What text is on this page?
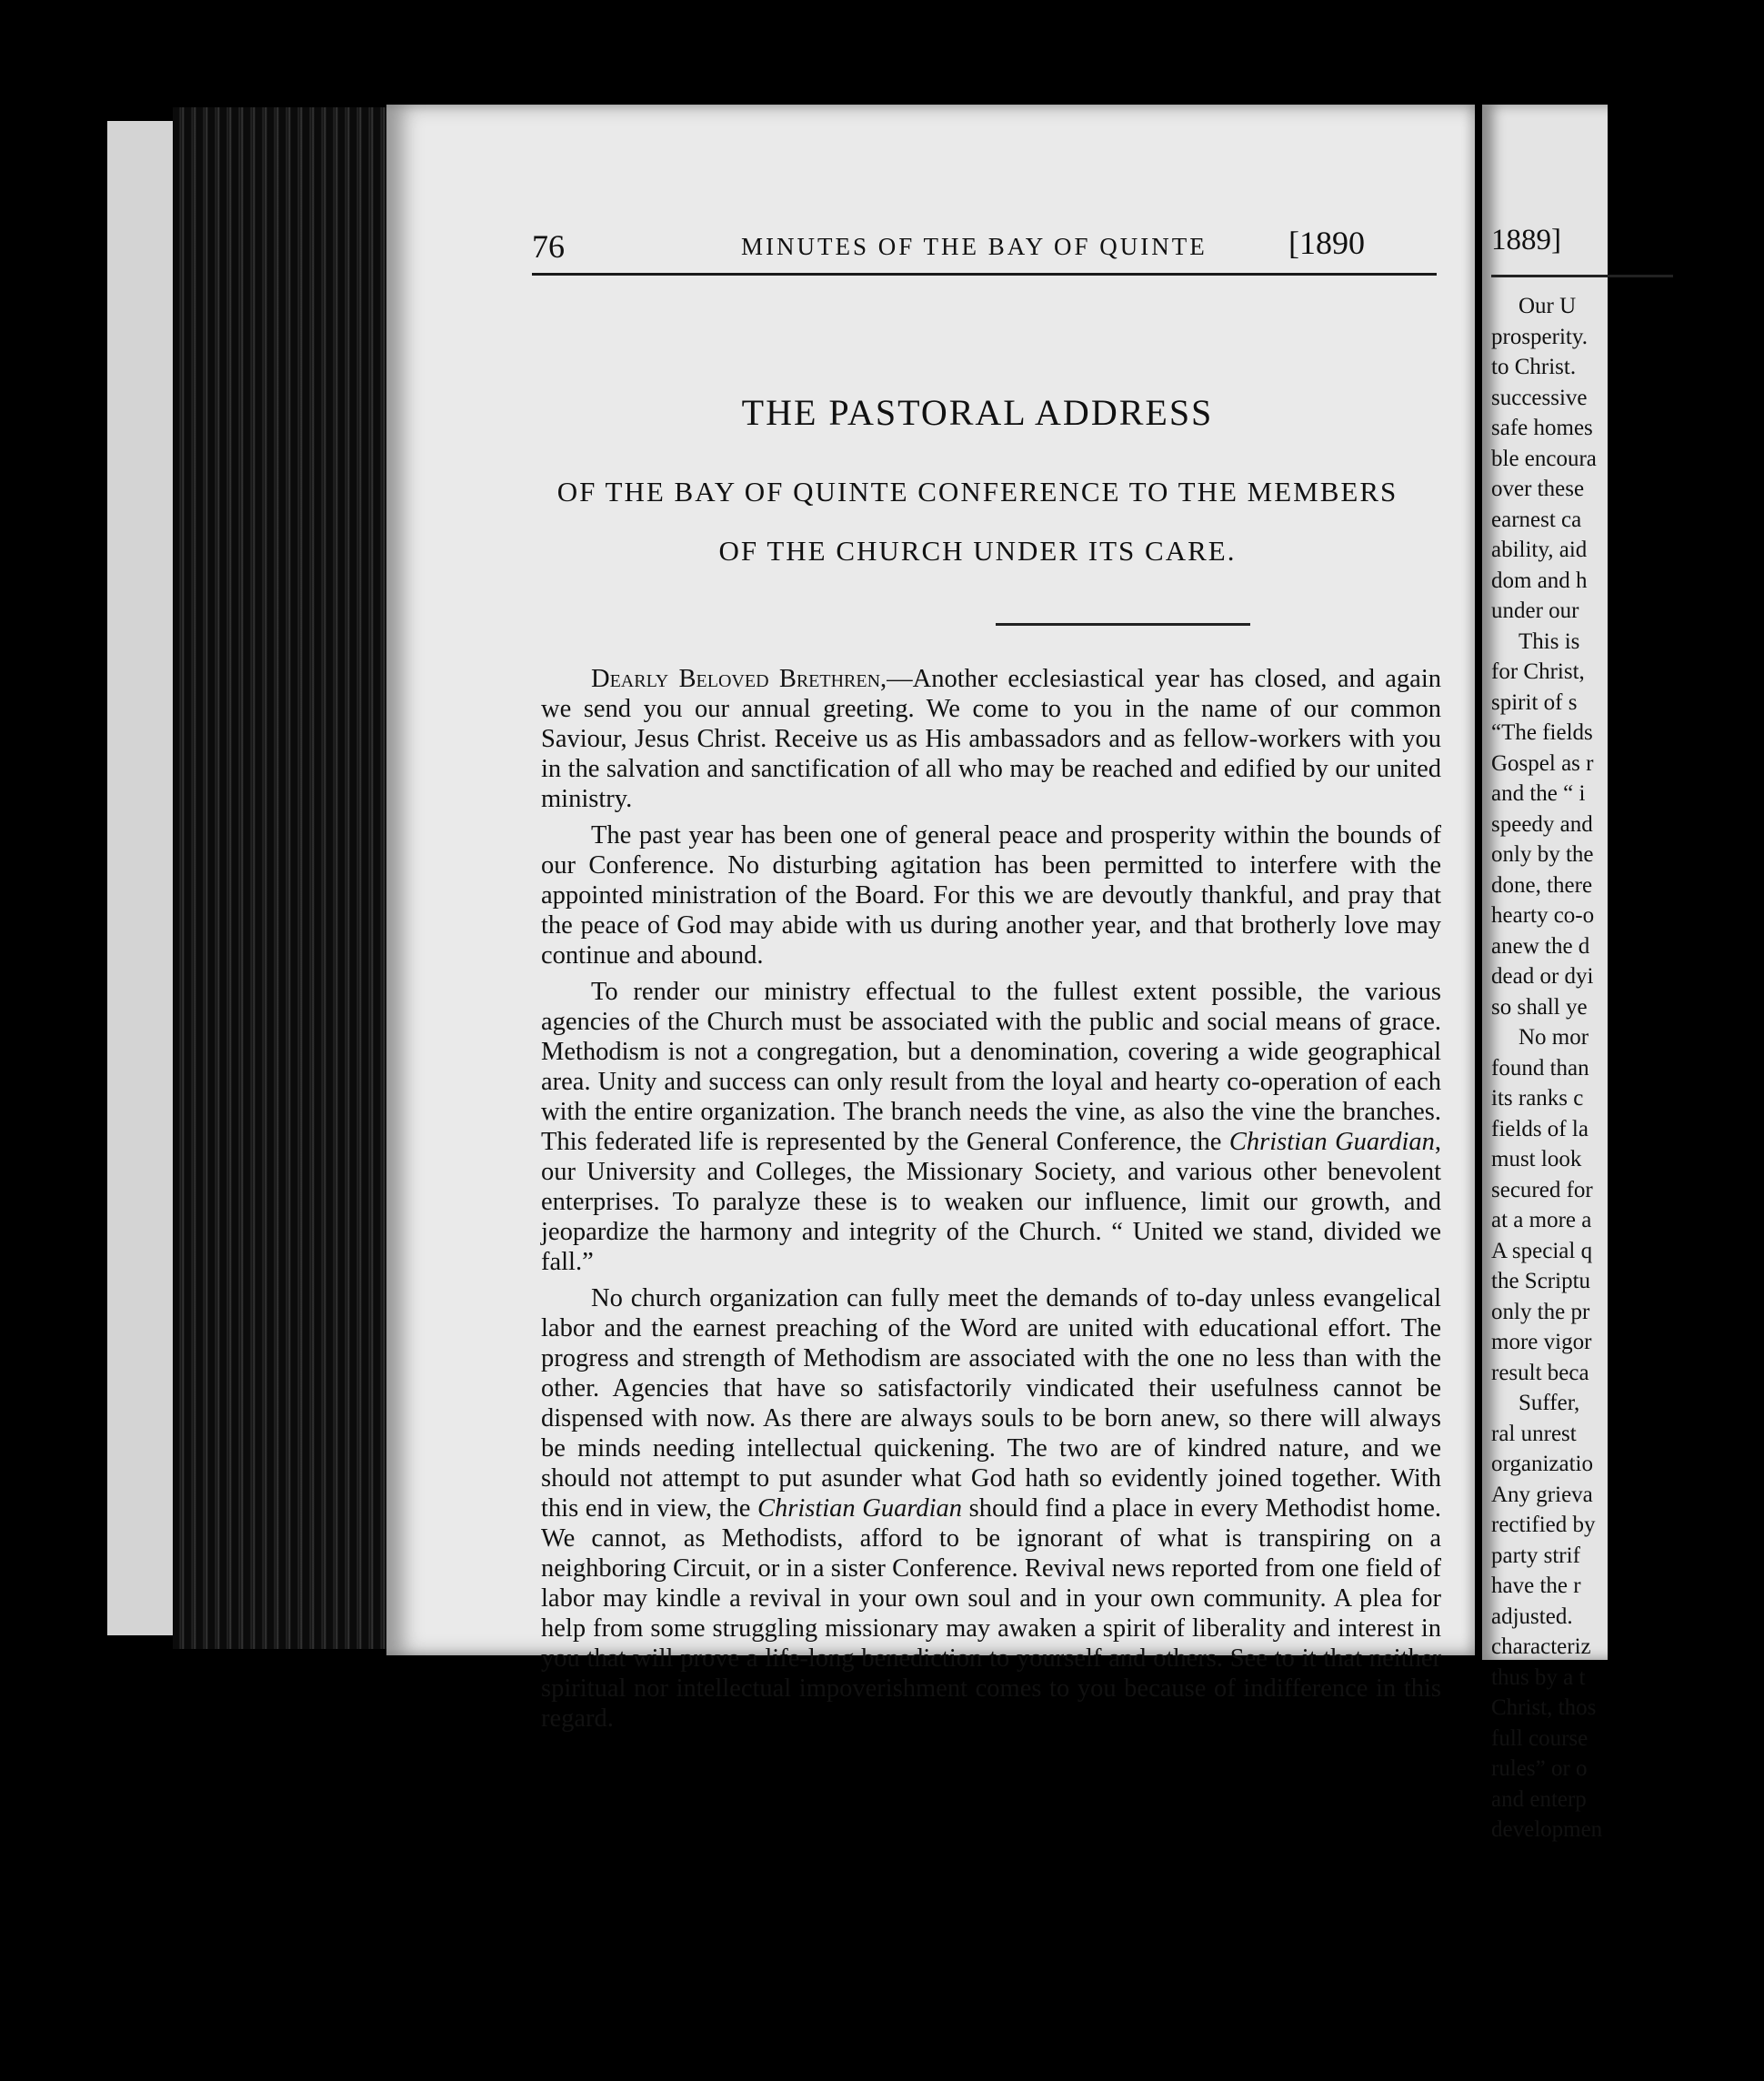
76	MINUTES OF THE BAY OF QUINTE [1890
THE PASTORAL ADDRESS
OF THE BAY OF QUINTE CONFERENCE TO THE MEMBERS
OF THE CHURCH UNDER ITS CARE.

Dearly Beloved Brethren,—Another ecclesiastical year has closed, and again we send you our annual greeting. We come to you in the name of our common Saviour, Jesus Christ. Receive us as His ambassadors and as fellow-workers with you in the salvation and sanctification of all who may be reached and edified by our united ministry.

The past year has been one of general peace and prosperity within the bounds of our Conference. No disturbing agitation has been permitted to interfere with the appointed ministration of the Board. For this we are devoutly thankful, and pray that the peace of God may abide with us during another year, and that brotherly love may continue and abound.

To render our ministry effectual to the fullest extent possible, the various agencies of the Church must be associated with the public and social means of grace. Methodism is not a congregation, but a denomination, covering a wide geographical area. Unity and success can only result from the loyal and hearty co-operation of each with the entire organization. The branch needs the vine, as also the vine the branches. This federated life is represented by the General Conference, the Christian Guardian, our University and Colleges, the Missionary Society, and various other benevolent enterprises. To paralyze these is to weaken our influence, limit our growth, and jeopardize the harmony and integrity of the Church. “ United we stand, divided we fall.”

No church organization can fully meet the demands of to-day unless evangelical labor and the earnest preaching of the Word are united with educational effort. The progress and strength of Methodism are associated with the one no less than with the other. Agencies that have so satisfactorily vindicated their usefulness cannot be dispensed with now. As there are always souls to be born anew, so there will always be minds needing intellectual quickening. The two are of kindred nature, and we should not attempt to put asunder what God hath so evidently joined together. With this end in view, the Christian Guardian should find a place in every Methodist home. We cannot, as Methodists, afford to be ignorant of what is transpiring on a neighboring Circuit, or in a sister Conference. Revival news reported from one field of labor may kindle a revival in your own soul and in your own community. A plea for help from some struggling missionary may awaken a spirit of liberality and interest in you that will prove a life-long benediction to yourself and others. See to it that neither spiritual nor intellectual impoverishment comes to you because of indifference in this regard.

1889]
Our U
prosperity.
to Christ.
successive
safe homes
ble encoura
over these
earnest ca
ability, aid
dom and h
under our
This is
for Christ,
spirit of s
“The fields
Gospel as r
and the “ i
speedy and
only by the
done, there
hearty co-o
anew the d
dead or dyi
so shall ye
No mor
found than
its ranks c
fields of la
must look
secured for
at a more a
A special q
the Scriptu
only the pr
more vigor
result beca
Suffer,
ral unrest
organizatio
Any grieva
rectified by
party strif
have the r
adjusted.
characteriz
thus by a t
Christ, thos
full course
rules” or o
and enterp
developmen
